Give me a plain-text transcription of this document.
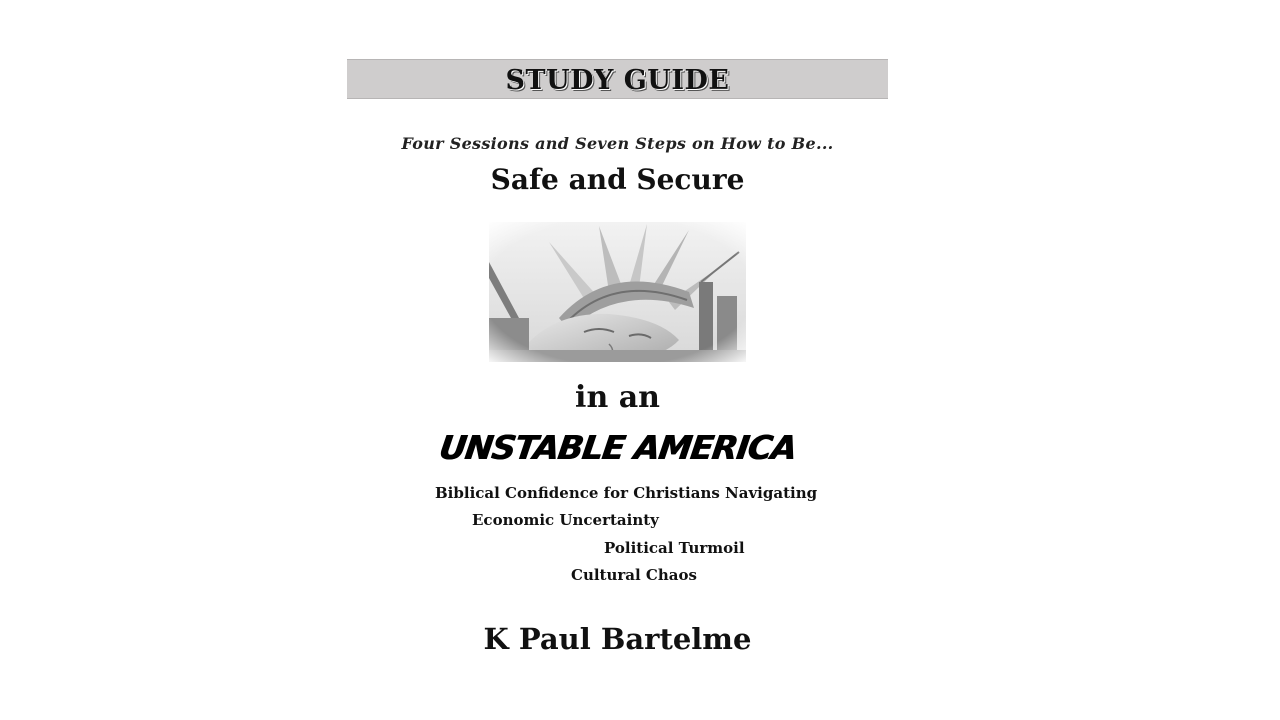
STUDY GUIDE
Four Sessions and Seven Steps on How to Be...
Safe and Secure
in an
UNSTABLE AMERICA
Biblical Confidence for Christians Navigating
Economic Uncertainty
Political Turmoil
Cultural Chaos
K Paul Bartelme
